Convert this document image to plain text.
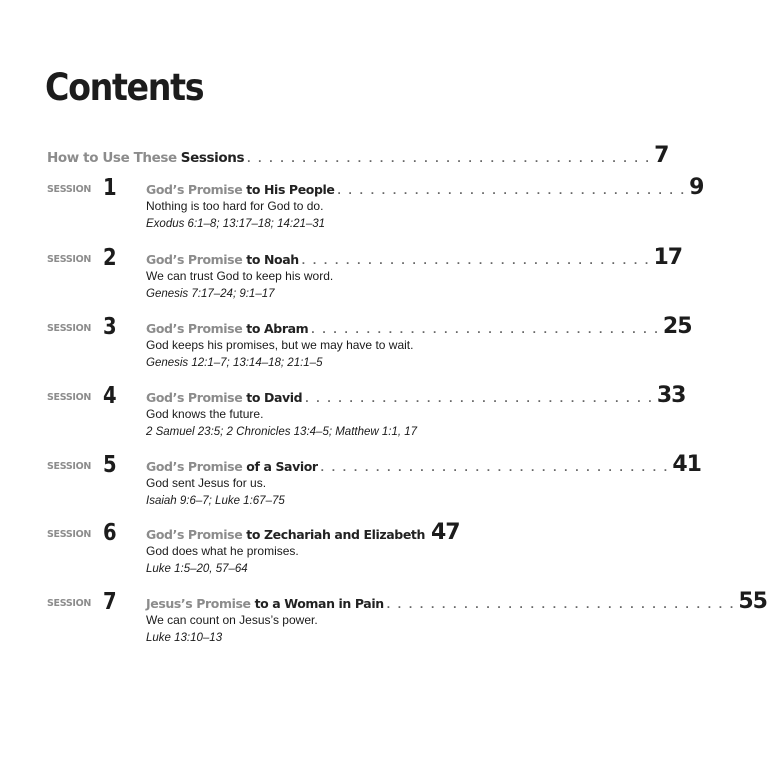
Contents
How to Use These Sessions . . . . . . . . . . . . . . . . . . . . . . . . . . . . . . . . . . . . . 7
SESSION 1 God’s Promise to His People . . . . . . . . . . . . . . . . . . . . . . . . . . . . . . . . 9
Nothing is too hard for God to do.
Exodus 6:1–8; 13:17–18; 14:21–31
SESSION 2 God’s Promise to Noah . . . . . . . . . . . . . . . . . . . . . . . . . . . . . . . . 17
We can trust God to keep his word.
Genesis 7:17–24; 9:1–17
SESSION 3 God’s Promise to Abram . . . . . . . . . . . . . . . . . . . . . . . . . . . . . . . . 25
God keeps his promises, but we may have to wait.
Genesis 12:1–7; 13:14–18; 21:1–5
SESSION 4 God’s Promise to David . . . . . . . . . . . . . . . . . . . . . . . . . . . . . . . . 33
God knows the future.
2 Samuel 23:5; 2 Chronicles 13:4–5; Matthew 1:1, 17
SESSION 5 God’s Promise of a Savior . . . . . . . . . . . . . . . . . . . . . . . . . . . . . . . . 41
God sent Jesus for us.
Isaiah 9:6–7; Luke 1:67–75
SESSION 6 God’s Promise to Zechariah and Elizabeth 47
God does what he promises.
Luke 1:5–20, 57–64
SESSION 7 Jesus’s Promise to a Woman in Pain . . . . . . . . . . . . . . . . . . . . . . . . . . . . . . . . 55
We can count on Jesus’s power.
Luke 13:10–13
